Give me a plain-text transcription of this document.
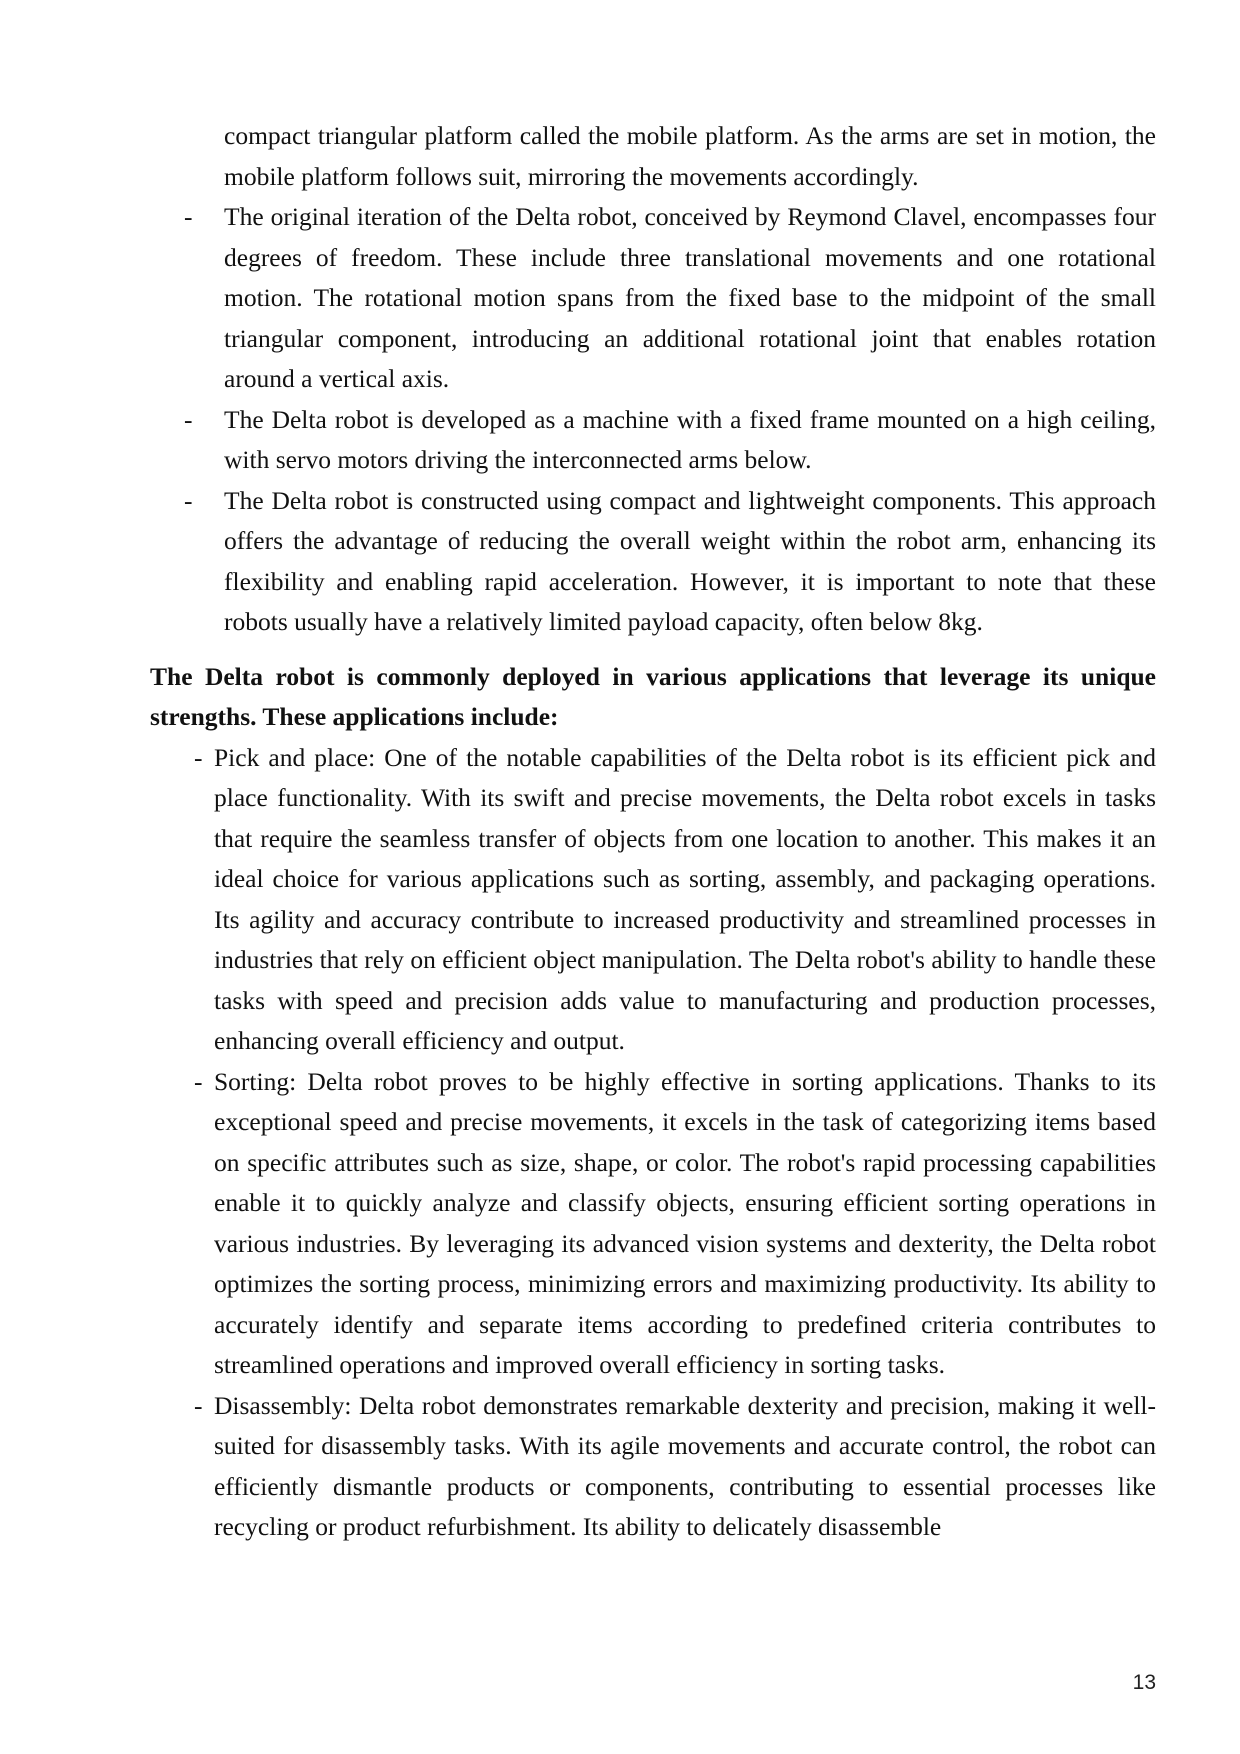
compact triangular platform called the mobile platform. As the arms are set in motion, the mobile platform follows suit, mirroring the movements accordingly.

- The original iteration of the Delta robot, conceived by Reymond Clavel, encompasses four degrees of freedom. These include three translational movements and one rotational motion. The rotational motion spans from the fixed base to the midpoint of the small triangular component, introducing an additional rotational joint that enables rotation around a vertical axis.

- The Delta robot is developed as a machine with a fixed frame mounted on a high ceiling, with servo motors driving the interconnected arms below.

- The Delta robot is constructed using compact and lightweight components. This approach offers the advantage of reducing the overall weight within the robot arm, enhancing its flexibility and enabling rapid acceleration. However, it is important to note that these robots usually have a relatively limited payload capacity, often below 8kg.

The Delta robot is commonly deployed in various applications that leverage its unique strengths. These applications include:

- Pick and place: One of the notable capabilities of the Delta robot is its efficient pick and place functionality. With its swift and precise movements, the Delta robot excels in tasks that require the seamless transfer of objects from one location to another. This makes it an ideal choice for various applications such as sorting, assembly, and packaging operations. Its agility and accuracy contribute to increased productivity and streamlined processes in industries that rely on efficient object manipulation. The Delta robot's ability to handle these tasks with speed and precision adds value to manufacturing and production processes, enhancing overall efficiency and output.

- Sorting: Delta robot proves to be highly effective in sorting applications. Thanks to its exceptional speed and precise movements, it excels in the task of categorizing items based on specific attributes such as size, shape, or color. The robot's rapid processing capabilities enable it to quickly analyze and classify objects, ensuring efficient sorting operations in various industries. By leveraging its advanced vision systems and dexterity, the Delta robot optimizes the sorting process, minimizing errors and maximizing productivity. Its ability to accurately identify and separate items according to predefined criteria contributes to streamlined operations and improved overall efficiency in sorting tasks.

- Disassembly: Delta robot demonstrates remarkable dexterity and precision, making it well-suited for disassembly tasks. With its agile movements and accurate control, the robot can efficiently dismantle products or components, contributing to essential processes like recycling or product refurbishment. Its ability to delicately disassemble

13
